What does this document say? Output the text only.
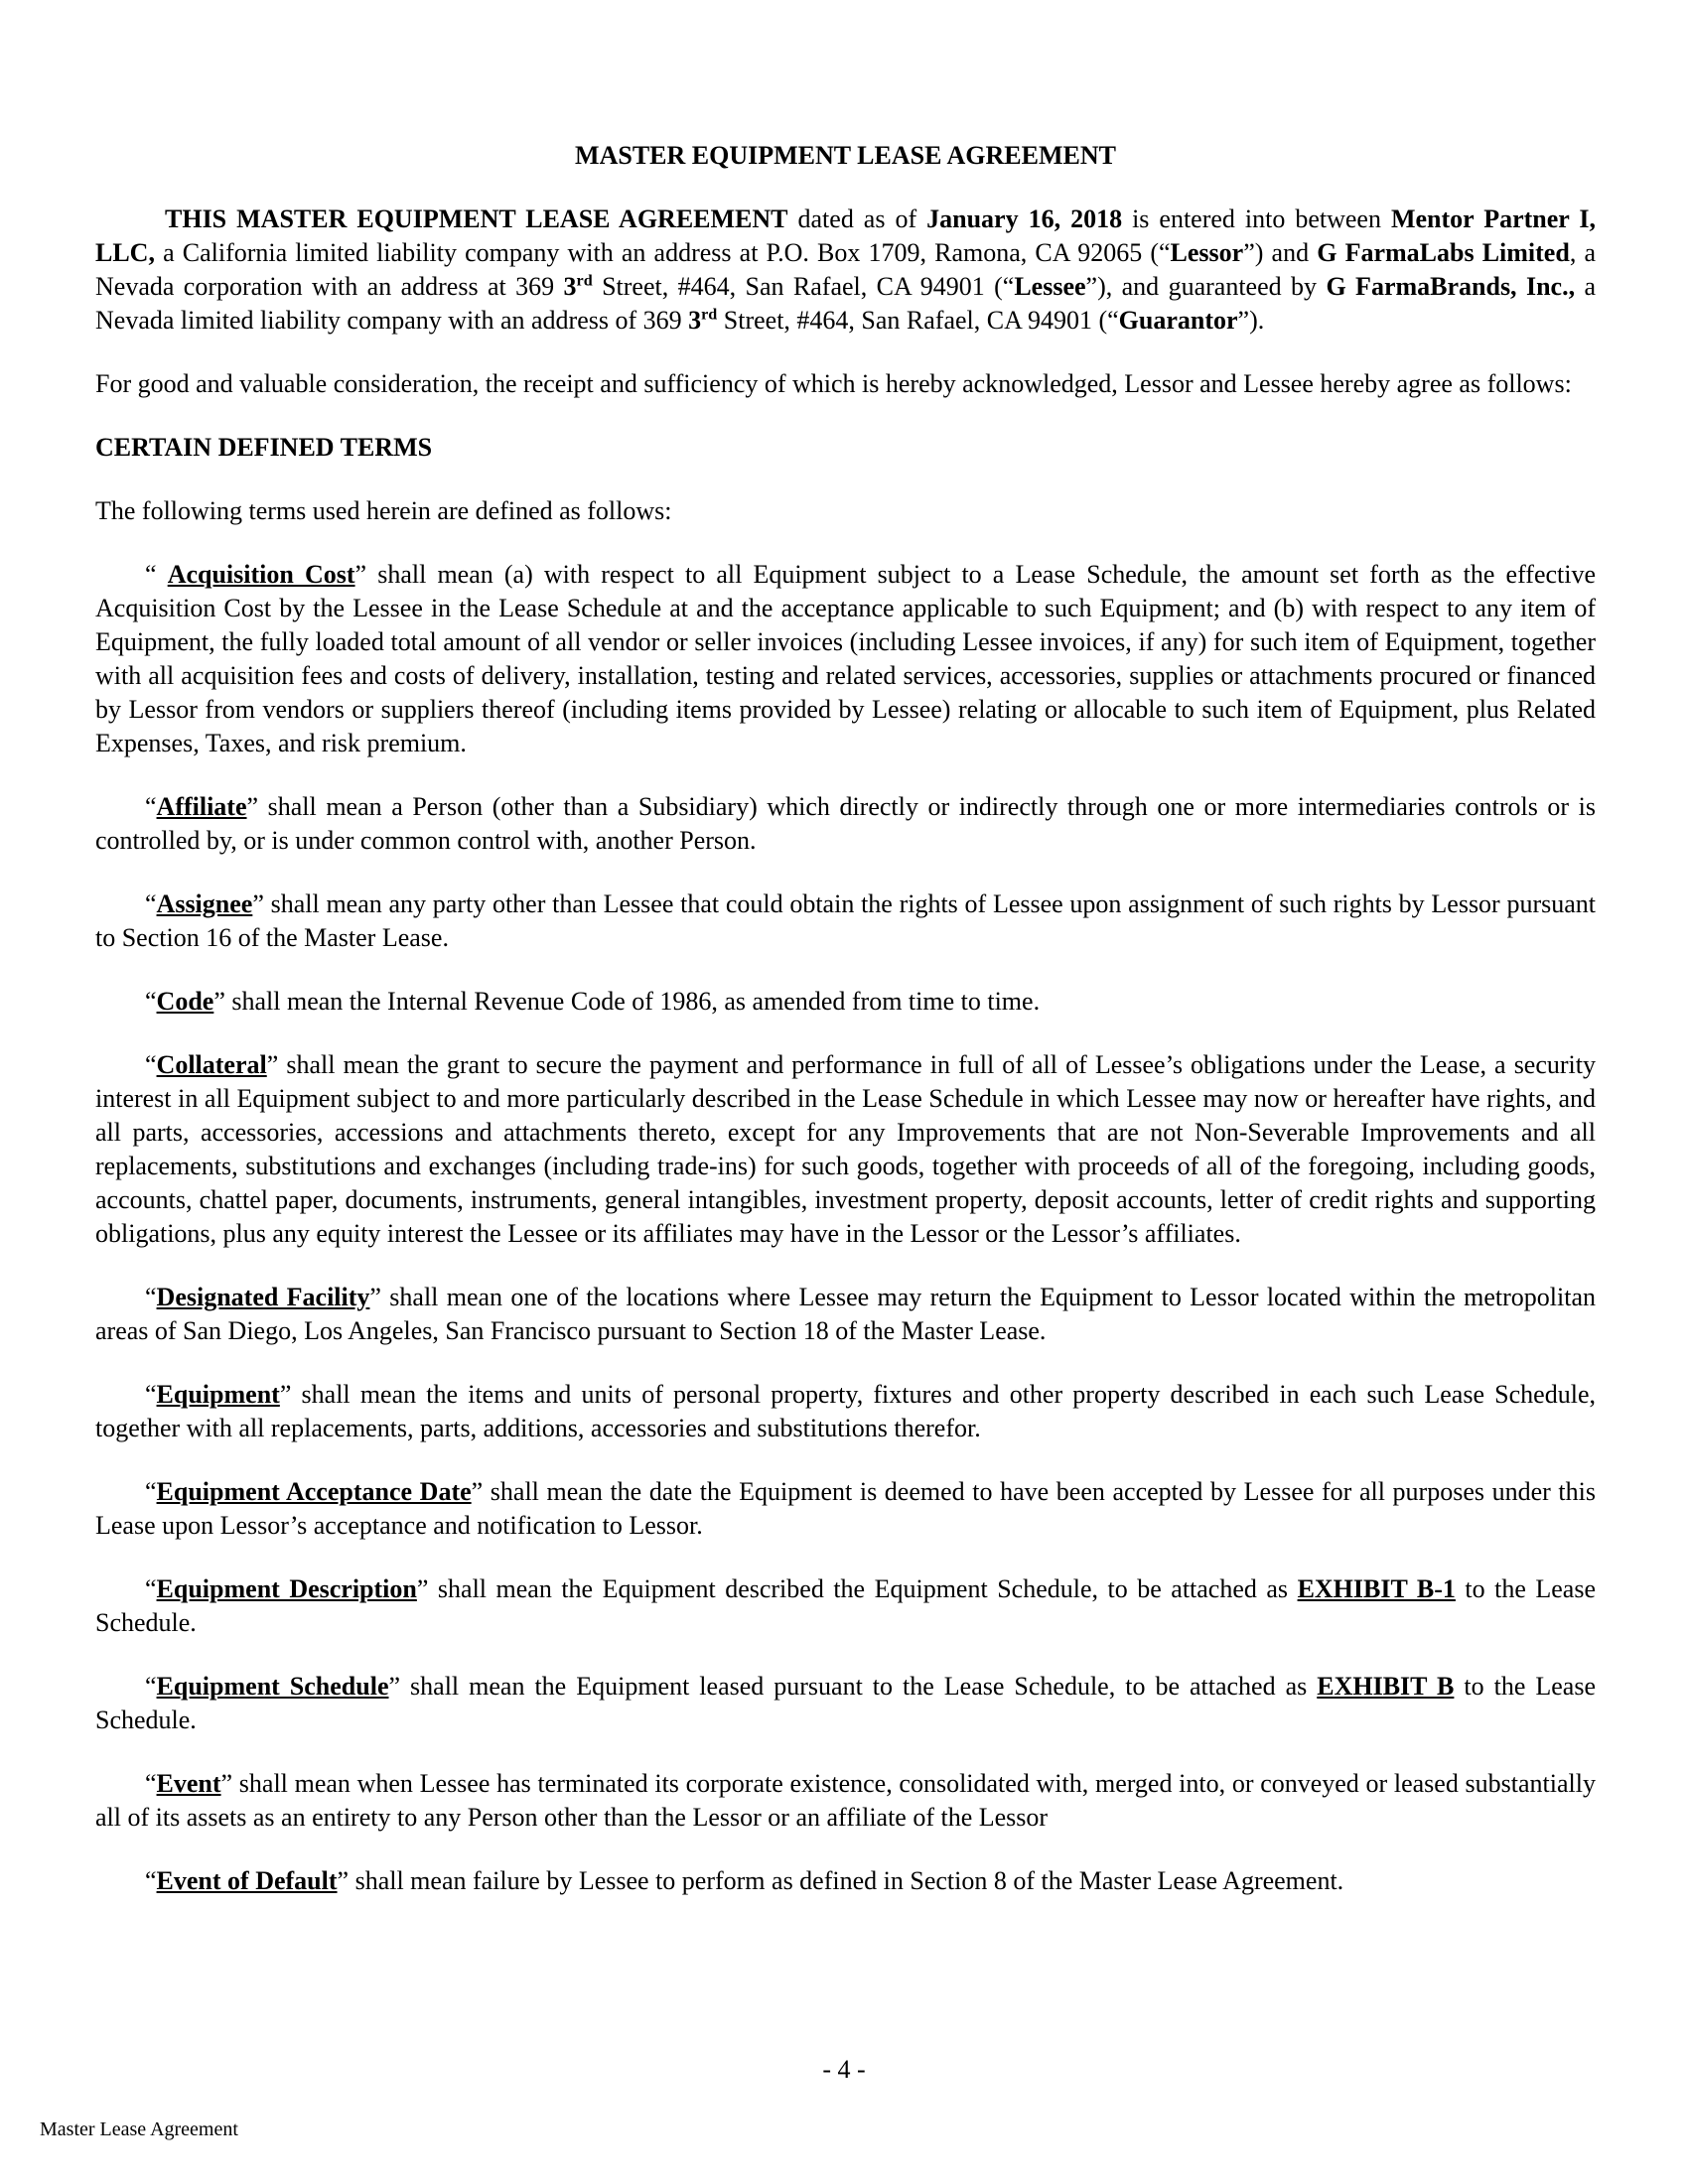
MASTER EQUIPMENT LEASE AGREEMENT

THIS MASTER EQUIPMENT LEASE AGREEMENT dated as of January 16, 2018 is entered into between Mentor Partner I, LLC, a California limited liability company with an address at P.O. Box 1709, Ramona, CA 92065 (“Lessor”) and G FarmaLabs Limited, a Nevada corporation with an address at 369 3rd Street, #464, San Rafael, CA 94901 (“Lessee”), and guaranteed by G FarmaBrands, Inc., a Nevada limited liability company with an address of 369 3rd Street, #464, San Rafael, CA 94901 (“Guarantor”).

For good and valuable consideration, the receipt and sufficiency of which is hereby acknowledged, Lessor and Lessee hereby agree as follows:

CERTAIN DEFINED TERMS

The following terms used herein are defined as follows:

“ Acquisition Cost” shall mean (a) with respect to all Equipment subject to a Lease Schedule, the amount set forth as the effective Acquisition Cost by the Lessee in the Lease Schedule at and the acceptance applicable to such Equipment; and (b) with respect to any item of Equipment, the fully loaded total amount of all vendor or seller invoices (including Lessee invoices, if any) for such item of Equipment, together with all acquisition fees and costs of delivery, installation, testing and related services, accessories, supplies or attachments procured or financed by Lessor from vendors or suppliers thereof (including items provided by Lessee) relating or allocable to such item of Equipment, plus Related Expenses, Taxes, and risk premium.

“Affiliate” shall mean a Person (other than a Subsidiary) which directly or indirectly through one or more intermediaries controls or is controlled by, or is under common control with, another Person.

“Assignee” shall mean any party other than Lessee that could obtain the rights of Lessee upon assignment of such rights by Lessor pursuant to Section 16 of the Master Lease.

“Code” shall mean the Internal Revenue Code of 1986, as amended from time to time.

“Collateral” shall mean the grant to secure the payment and performance in full of all of Lessee’s obligations under the Lease, a security interest in all Equipment subject to and more particularly described in the Lease Schedule in which Lessee may now or hereafter have rights, and all parts, accessories, accessions and attachments thereto, except for any Improvements that are not Non-Severable Improvements and all replacements, substitutions and exchanges (including trade-ins) for such goods, together with proceeds of all of the foregoing, including goods, accounts, chattel paper, documents, instruments, general intangibles, investment property, deposit accounts, letter of credit rights and supporting obligations, plus any equity interest the Lessee or its affiliates may have in the Lessor or the Lessor’s affiliates.

“Designated Facility” shall mean one of the locations where Lessee may return the Equipment to Lessor located within the metropolitan areas of San Diego, Los Angeles, San Francisco pursuant to Section 18 of the Master Lease.

“Equipment” shall mean the items and units of personal property, fixtures and other property described in each such Lease Schedule, together with all replacements, parts, additions, accessories and substitutions therefor.

“Equipment Acceptance Date” shall mean the date the Equipment is deemed to have been accepted by Lessee for all purposes under this Lease upon Lessor’s acceptance and notification to Lessor.

“Equipment Description” shall mean the Equipment described the Equipment Schedule, to be attached as EXHIBIT B-1 to the Lease Schedule.

“Equipment Schedule” shall mean the Equipment leased pursuant to the Lease Schedule, to be attached as EXHIBIT B to the Lease Schedule.

“Event” shall mean when Lessee has terminated its corporate existence, consolidated with, merged into, or conveyed or leased substantially all of its assets as an entirety to any Person other than the Lessor or an affiliate of the Lessor

“Event of Default” shall mean failure by Lessee to perform as defined in Section 8 of the Master Lease Agreement.

- 4 -
Master Lease Agreement
